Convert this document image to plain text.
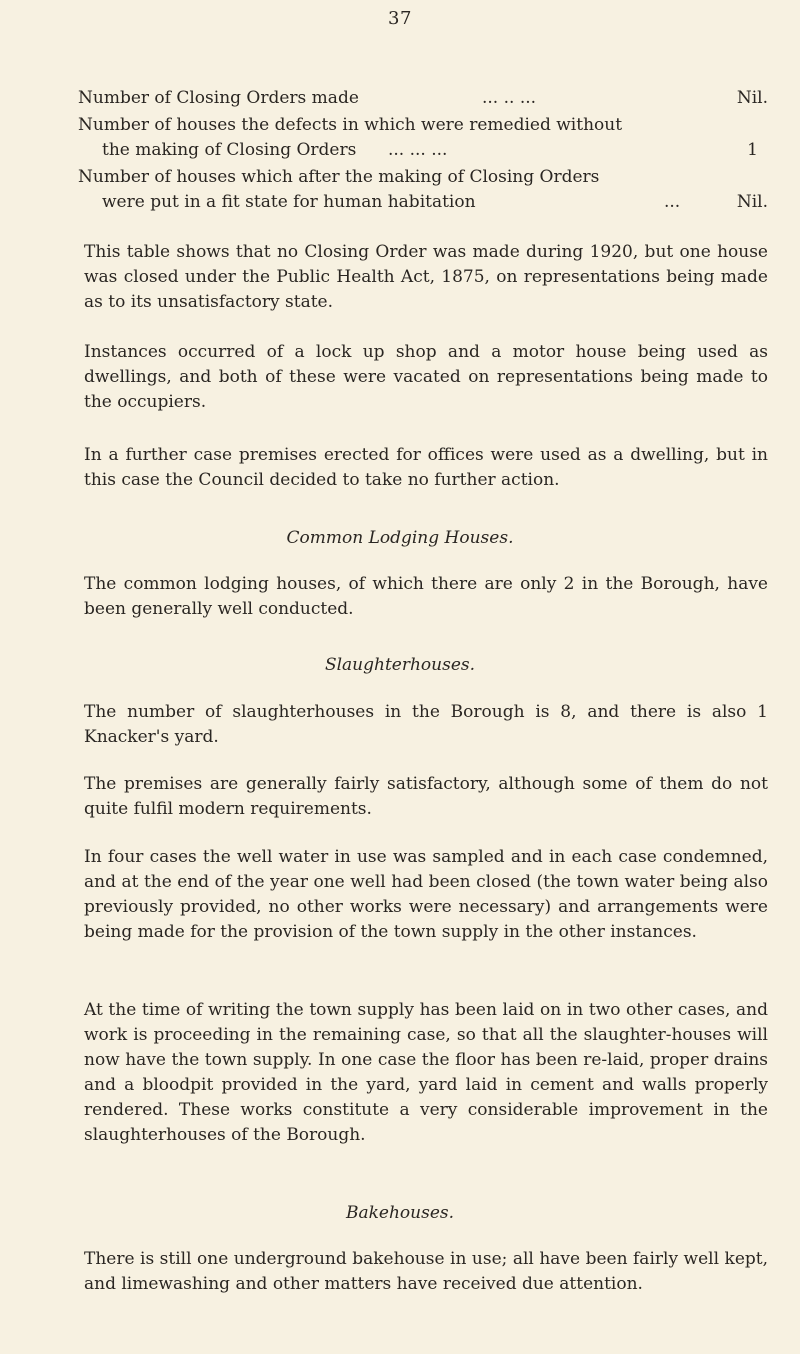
37
Number of Closing Orders made	... .. ...	Nil.
Number of houses the defects in which were remedied without
the making of Closing Orders ... ... ...	1
Number of houses which after the making of Closing Orders
were put in a fit state for human habitation	...	Nil.
This table shows that no Closing Order was made during 1920, but one house was closed under the Public Health Act, 1875, on representations being made as to its unsatisfactory state.
Instances occurred of a lock up shop and a motor house being used as dwellings, and both of these were vacated on representations being made to the occupiers.
In a further case premises erected for offices were used as a dwelling, but in this case the Council decided to take no further action.
Common Lodging Houses.
The common lodging houses, of which there are only 2 in the Borough, have been generally well conducted.
Slaughterhouses.
The number of slaughterhouses in the Borough is 8, and there is also 1 Knacker's yard.
The premises are generally fairly satisfactory, although some of them do not quite fulfil modern requirements.
In four cases the well water in use was sampled and in each case condemned, and at the end of the year one well had been closed (the town water being also previously provided, no other works were necessary) and arrangements were being made for the provision of the town supply in the other instances.
At the time of writing the town supply has been laid on in two other cases, and work is proceeding in the remaining case, so that all the slaughter-houses will now have the town supply. In one case the floor has been re-laid, proper drains and a bloodpit provided in the yard, yard laid in cement and walls properly rendered. These works constitute a very considerable improvement in the slaughterhouses of the Borough.
Bakehouses.
There is still one underground bakehouse in use; all have been fairly well kept, and limewashing and other matters have received due attention.
